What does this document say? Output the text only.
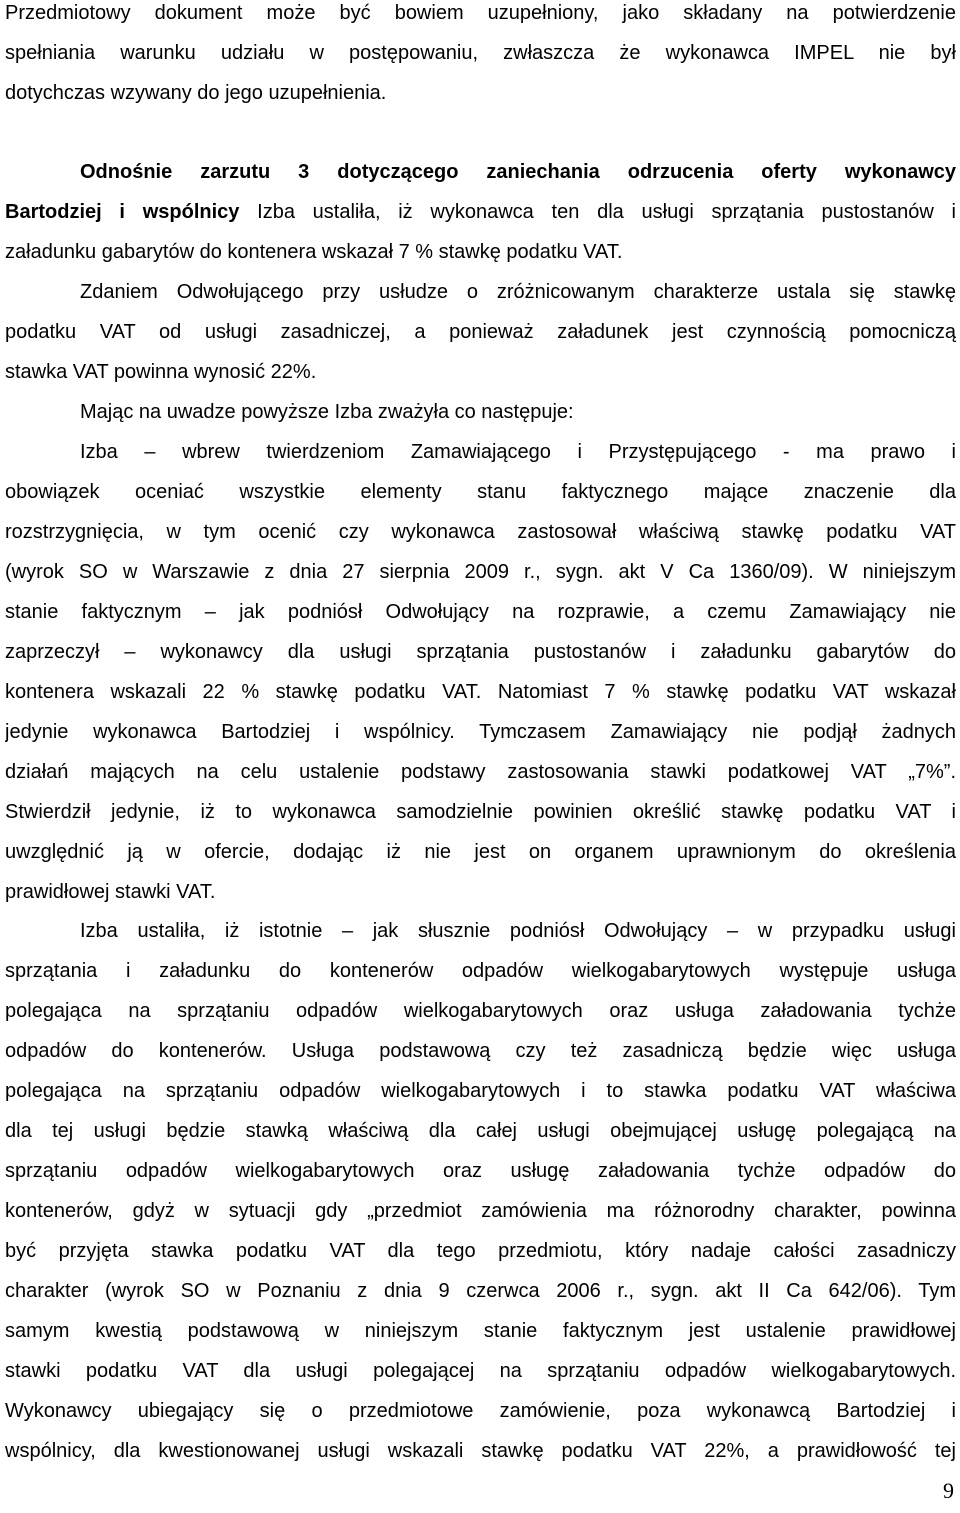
Przedmiotowy dokument może być bowiem uzupełniony, jako składany na potwierdzenie
spełniania warunku udziału w postępowaniu, zwłaszcza że wykonawca IMPEL nie był
dotychczas wzywany do jego uzupełnienia.
Odnośnie zarzutu 3 dotyczącego zaniechania odrzucenia oferty wykonawcy
Bartodziej i wspólnicy Izba ustaliła, iż wykonawca ten dla usługi sprzątania pustostanów i
załadunku gabarytów do kontenera wskazał 7 % stawkę podatku VAT.
Zdaniem Odwołującego przy usłudze o zróżnicowanym charakterze ustala się stawkę
podatku VAT od usługi zasadniczej, a ponieważ załadunek jest czynnością pomocniczą
stawka VAT powinna wynosić 22%.
Mając na uwadze powyższe Izba zważyła co następuje:
Izba – wbrew twierdzeniom Zamawiającego i Przystępującego - ma prawo i
obowiązek oceniać wszystkie elementy stanu faktycznego mające znaczenie dla
rozstrzygnięcia, w tym ocenić czy wykonawca zastosował właściwą stawkę podatku VAT
(wyrok SO w Warszawie z dnia 27 sierpnia 2009 r., sygn. akt V Ca 1360/09). W niniejszym
stanie faktycznym – jak podniósł Odwołujący na rozprawie, a czemu Zamawiający nie
zaprzeczył – wykonawcy dla usługi sprzątania pustostanów i załadunku gabarytów do
kontenera wskazali 22 % stawkę podatku VAT. Natomiast 7 % stawkę podatku VAT wskazał
jedynie wykonawca Bartodziej i wspólnicy. Tymczasem Zamawiający nie podjął żadnych
działań mających na celu ustalenie podstawy zastosowania stawki podatkowej VAT „7%”.
Stwierdził jedynie, iż to wykonawca samodzielnie powinien określić stawkę podatku VAT i
uwzględnić ją w ofercie, dodając iż nie jest on organem uprawnionym do określenia
prawidłowej stawki VAT.
Izba ustaliła, iż istotnie – jak słusznie podniósł Odwołujący – w przypadku usługi
sprzątania i załadunku do kontenerów odpadów wielkogabarytowych występuje usługa
polegająca na sprzątaniu odpadów wielkogabarytowych oraz usługa załadowania tychże
odpadów do kontenerów. Usługa podstawową czy też zasadniczą będzie więc usługa
polegająca na sprzątaniu odpadów wielkogabarytowych i to stawka podatku VAT właściwa
dla tej usługi będzie stawką właściwą dla całej usługi obejmującej usługę polegającą na
sprzątaniu odpadów wielkogabarytowych oraz usługę załadowania tychże odpadów do
kontenerów, gdyż w sytuacji gdy „przedmiot zamówienia ma różnorodny charakter, powinna
być przyjęta stawka podatku VAT dla tego przedmiotu, który nadaje całości zasadniczy
charakter (wyrok SO w Poznaniu z dnia 9 czerwca 2006 r., sygn. akt II Ca 642/06). Tym
samym kwestią podstawową w niniejszym stanie faktycznym jest ustalenie prawidłowej
stawki podatku VAT dla usługi polegającej na sprzątaniu odpadów wielkogabarytowych.
Wykonawcy ubiegający się o przedmiotowe zamówienie, poza wykonawcą Bartodziej i
wspólnicy, dla kwestionowanej usługi wskazali stawkę podatku VAT 22%, a prawidłowość tej
9
